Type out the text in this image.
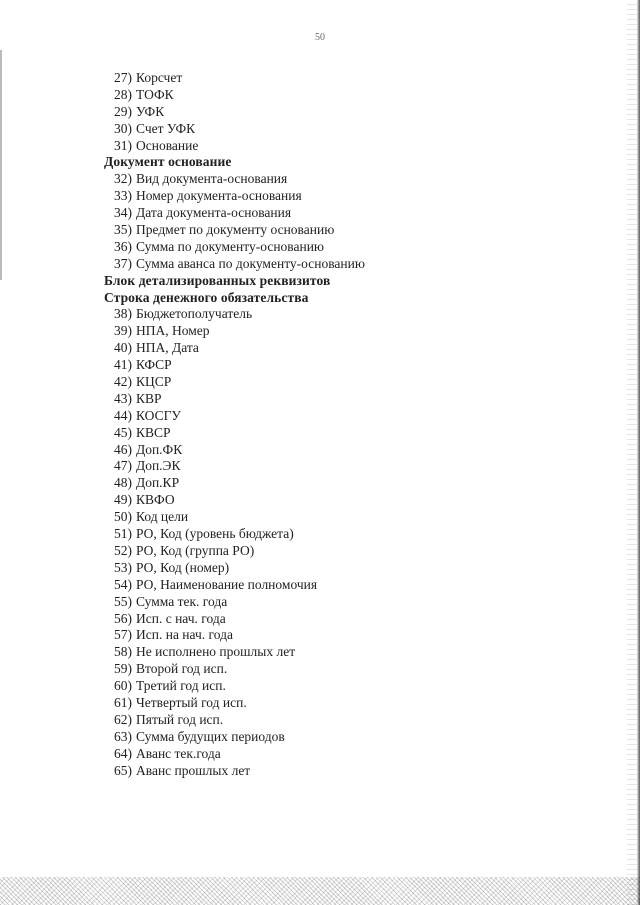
50
27) Корсчет
28) ТОФК
29) УФК
30) Счет УФК
31) Основание
Документ основание
32) Вид документа-основания
33) Номер документа-основания
34) Дата документа-основания
35) Предмет по документу основанию
36) Сумма по документу-основанию
37) Сумма аванса по документу-основанию
Блок детализированных реквизитов
Строка денежного обязательства
38) Бюджетополучатель
39) НПА, Номер
40) НПА, Дата
41) КФСР
42) КЦСР
43) КВР
44) КОСГУ
45) КВСР
46) Доп.ФК
47) Доп.ЭК
48) Доп.КР
49) КВФО
50) Код цели
51) РО, Код (уровень бюджета)
52) РО, Код (группа РО)
53) РО, Код (номер)
54) РО, Наименование полномочия
55) Сумма тек. года
56) Исп. с нач. года
57) Исп. на нач. года
58) Не исполнено прошлых лет
59) Второй год исп.
60) Третий год исп.
61) Четвертый год исп.
62) Пятый год исп.
63) Сумма будущих периодов
64) Аванс тек.года
65) Аванс прошлых лет
